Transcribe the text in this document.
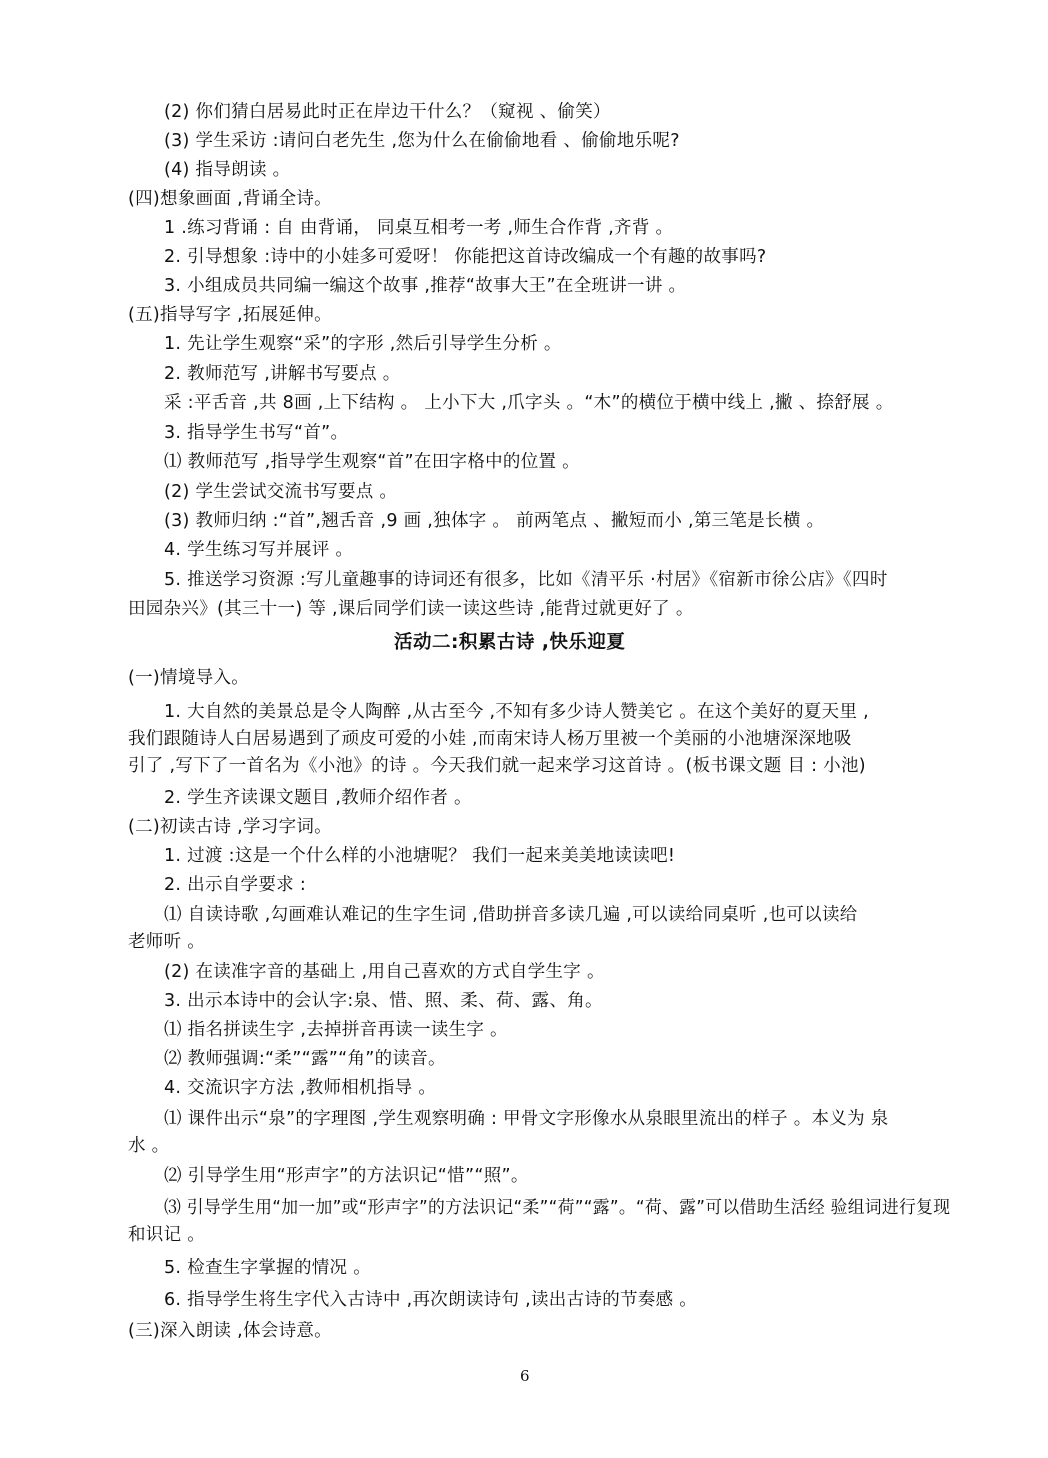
(2) 你们猜白居易此时正在岸边干什么？（窥视 、偷笑）
(3) 学生采访 :请问白老先生 ,您为什么在偷偷地看 、偷偷地乐呢?
(4) 指导朗读 。
(四)想象画面 ,背诵全诗。
1 .练习背诵 : 自 由背诵， 同桌互相考一考 ,师生合作背 ,齐背 。
2. 引导想象 :诗中的小娃多可爱呀！ 你能把这首诗改编成一个有趣的故事吗?
3. 小组成员共同编一编这个故事 ,推荐“故事大王”在全班讲一讲 。
(五)指导写字 ,拓展延伸。
1. 先让学生观察“采”的字形 ,然后引导学生分析 。
2. 教师范写 ,讲解书写要点 。
采 :平舌音 ,共 8画 ,上下结构 。 上小下大 ,爪字头 。“木”的横位于横中线上 ,撇 、捺舒展 。
3. 指导学生书写“首”。
⑴ 教师范写 ,指导学生观察“首”在田字格中的位置 。
(2) 学生尝试交流书写要点 。
(3) 教师归纳 :“首”,翘舌音 ,9 画 ,独体字 。 前两笔点 、撇短而小 ,第三笔是长横 。
4. 学生练习写并展评 。
5. 推送学习资源 :写儿童趣事的诗词还有很多，比如《清平乐 ·村居》《宿新市徐公店》《四时
田园杂兴》(其三十一) 等 ,课后同学们读一读这些诗 ,能背过就更好了 。
活动二:积累古诗 ,快乐迎夏
(一)情境导入。
1. 大自然的美景总是令人陶醉 ,从古至今 ,不知有多少诗人赞美它 。在这个美好的夏天里 ,
我们跟随诗人白居易遇到了顽皮可爱的小娃 ,而南宋诗人杨万里被一个美丽的小池塘深深地吸
引了 ,写下了一首名为《小池》的诗 。今天我们就一起来学习这首诗 。(板书课文题 目 : 小池)
2. 学生齐读课文题目 ,教师介绍作者 。
(二)初读古诗 ,学习字词。
1. 过渡 :这是一个什么样的小池塘呢？ 我们一起来美美地读读吧!
2. 出示自学要求 :
⑴ 自读诗歌 ,勾画难认难记的生字生词 ,借助拼音多读几遍 ,可以读给同桌听 ,也可以读给
老师听 。
(2) 在读准字音的基础上 ,用自己喜欢的方式自学生字 。
3. 出示本诗中的会认字:泉、惜、照、柔、荷、露、角。
⑴ 指名拼读生字 ,去掉拼音再读一读生字 。
⑵ 教师强调:“柔”“露”“角”的读音。
4. 交流识字方法 ,教师相机指导 。
⑴ 课件出示“泉”的字理图 ,学生观察明确 : 甲骨文字形像水从泉眼里流出的样子 。本义为 泉
水 。
⑵ 引导学生用“形声字”的方法识记“惜”“照”。
⑶ 引导学生用“加一加”或“形声字”的方法识记“柔”“荷”“露”。“荷、露”可以借助生活经 验组词进行复现
和识记 。
5. 检查生字掌握的情况 。
6. 指导学生将生字代入古诗中 ,再次朗读诗句 ,读出古诗的节奏感 。
(三)深入朗读 ,体会诗意。
6
